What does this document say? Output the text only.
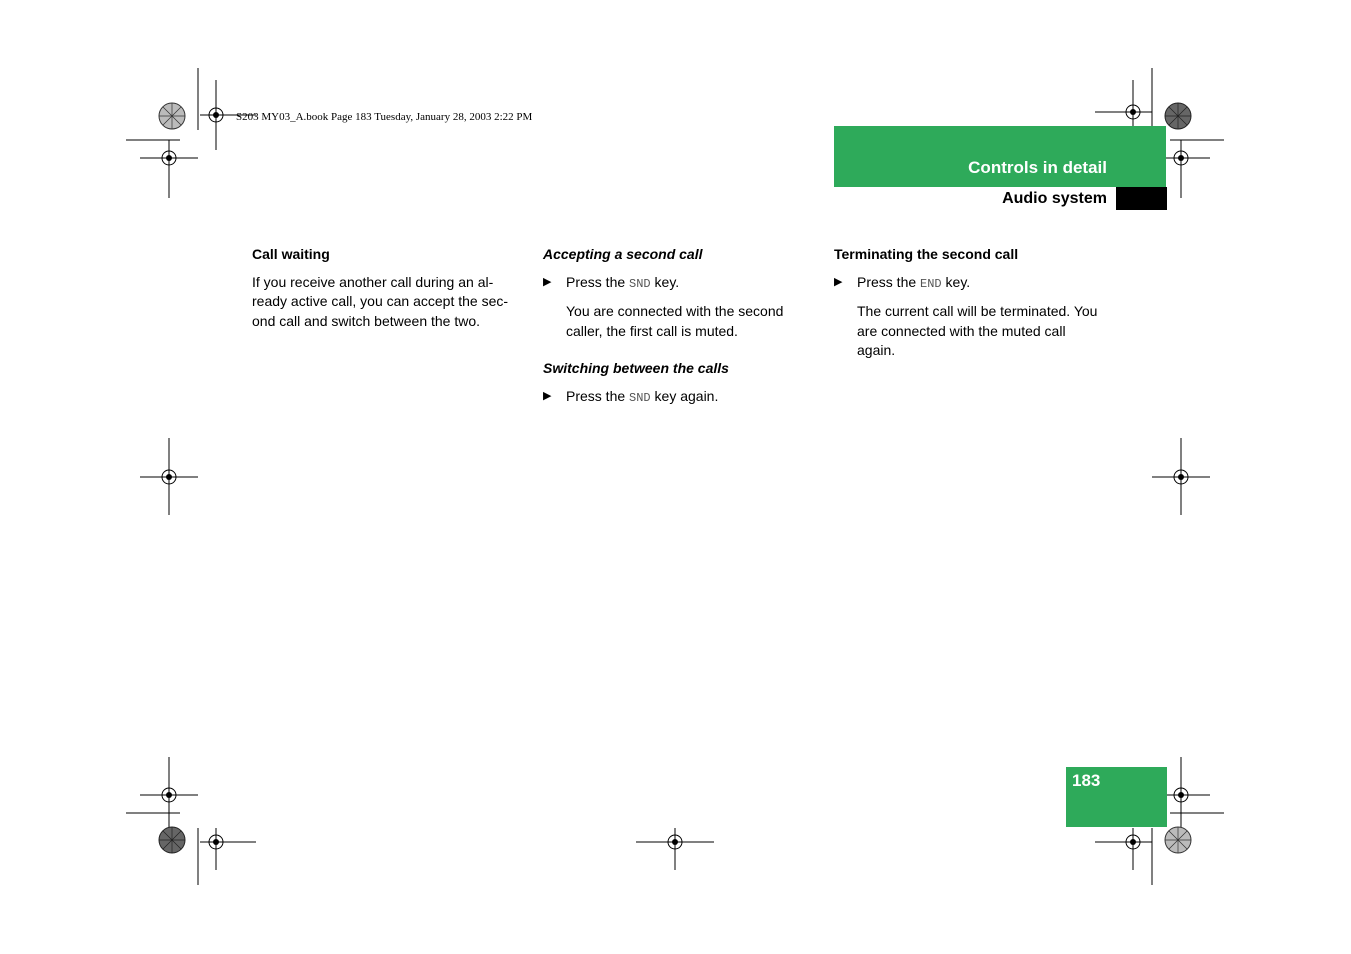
S203 MY03_A.book Page 183 Tuesday, January 28, 2003 2:22 PM
Controls in detail
Audio system
Call waiting
If you receive another call during an al-
ready active call, you can accept the sec-
ond call and switch between the two.
Accepting a second call
▶ Press the SND key.
You are connected with the second
caller, the first call is muted.
Switching between the calls
▶ Press the SND key again.
Terminating the second call
▶ Press the END key.
The current call will be terminated. You
are connected with the muted call
again.
183
